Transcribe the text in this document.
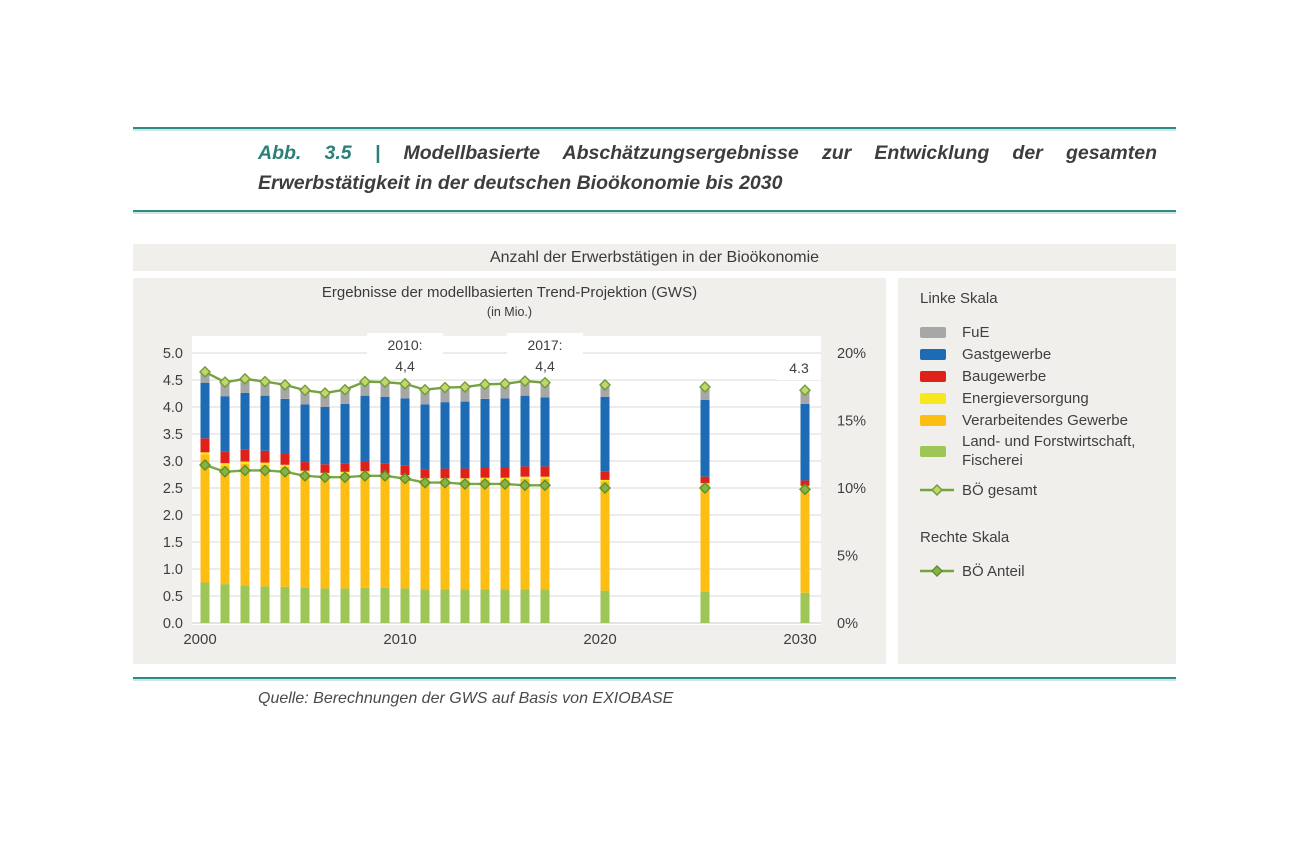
Abb. 3.5 | Modellbasierte Abschätzungsergebnisse zur Entwicklung der gesamten
Erwerbstätigkeit in der deutschen Bioökonomie bis 2030
Anzahl der Erwerbstätigen in der Bioökonomie
Ergebnisse der modellbasierten Trend-Projektion (GWS)
(in Mio.)
2010:
4,4
2017:
4,4	4.3
5.0
4.5
4.0
3.5
3.0
2.5
2.0
1.5
1.0
0.5
0.0
20%
15%
10%
5%
0%
2000	2010	2020	2030
Linke Skala
FuE
Gastgewerbe
Baugewerbe
Energieversorgung
Verarbeitendes Gewerbe
Land- und Forstwirtschaft,
Fischerei
BÖ gesamt
Rechte Skala
BÖ Anteil
Quelle: Berechnungen der GWS auf Basis von EXIOBASE
